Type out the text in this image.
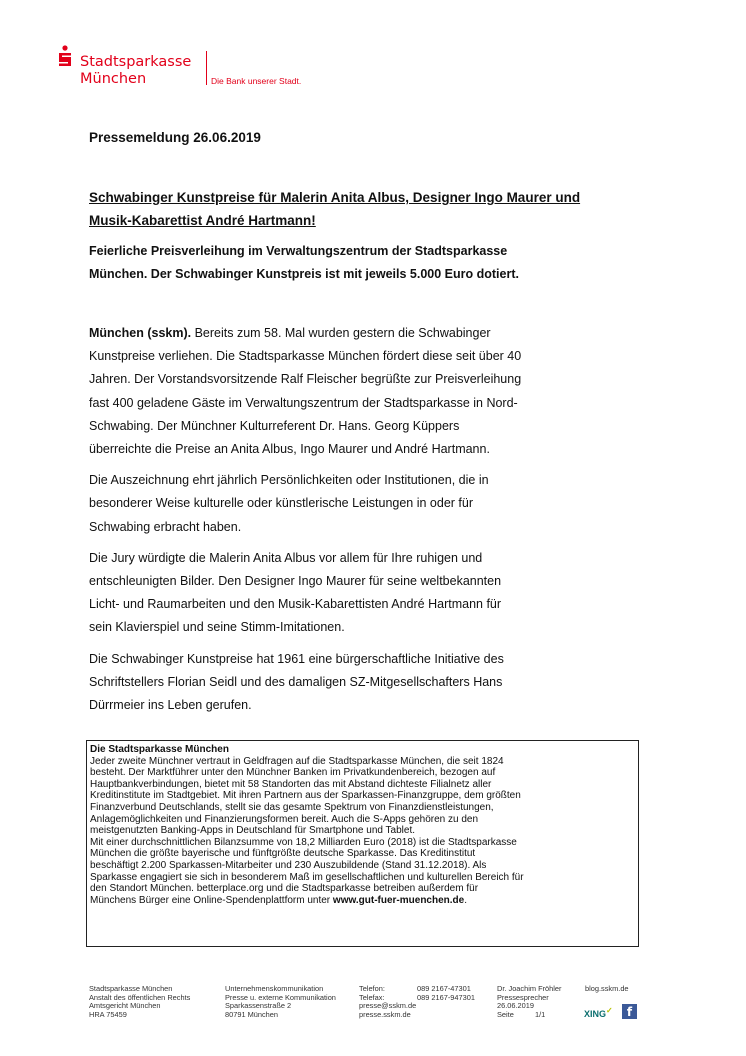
Stadtsparkasse
München	Die Bank unserer Stadt.
Pressemeldung 26.06.2019
Schwabinger Kunstpreise für Malerin Anita Albus, Designer Ingo Maurer und
Musik-Kabarettist André Hartmann!
Feierliche Preisverleihung im Verwaltungszentrum der Stadtsparkasse
München. Der Schwabinger Kunstpreis ist mit jeweils 5.000 Euro dotiert.

München (sskm). Bereits zum 58. Mal wurden gestern die Schwabinger
Kunstpreise verliehen. Die Stadtsparkasse München fördert diese seit über 40
Jahren. Der Vorstandsvorsitzende Ralf Fleischer begrüßte zur Preisverleihung
fast 400 geladene Gäste im Verwaltungszentrum der Stadtsparkasse in Nord-
Schwabing. Der Münchner Kulturreferent Dr. Hans. Georg Küppers
überreichte die Preise an Anita Albus, Ingo Maurer und André Hartmann.

Die Auszeichnung ehrt jährlich Persönlichkeiten oder Institutionen, die in
besonderer Weise kulturelle oder künstlerische Leistungen in oder für
Schwabing erbracht haben.

Die Jury würdigte die Malerin Anita Albus vor allem für Ihre ruhigen und
entschleunigten Bilder. Den Designer Ingo Maurer für seine weltbekannten
Licht- und Raumarbeiten und den Musik-Kabarettisten André Hartmann für
sein Klavierspiel und seine Stimm-Imitationen.

Die Schwabinger Kunstpreise hat 1961 eine bürgerschaftliche Initiative des
Schriftstellers Florian Seidl und des damaligen SZ-Mitgesellschafters Hans
Dürrmeier ins Leben gerufen.

Die Stadtsparkasse München

Jeder zweite Münchner vertraut in Geldfragen auf die Stadtsparkasse München, die seit 1824
besteht. Der Marktführer unter den Münchner Banken im Privatkundenbereich, bezogen auf
Hauptbankverbindungen, bietet mit 58 Standorten das mit Abstand dichteste Filialnetz aller
Kreditinstitute im Stadtgebiet. Mit ihren Partnern aus der Sparkassen-Finanzgruppe, dem größten
Finanzverbund Deutschlands, stellt sie das gesamte Spektrum von Finanzdienstleistungen,
Anlagemöglichkeiten und Finanzierungsformen bereit. Auch die S-Apps gehören zu den
meistgenutzten Banking-Apps in Deutschland für Smartphone und Tablet.

Mit einer durchschnittlichen Bilanzsumme von 18,2 Milliarden Euro (2018) ist die Stadtsparkasse
München die größte bayerische und fünftgrößte deutsche Sparkasse. Das Kreditinstitut
beschäftigt 2.200 Sparkassen-Mitarbeiter und 230 Auszubildende (Stand 31.12.2018). Als
Sparkasse engagiert sie sich in besonderem Maß im gesellschaftlichen und kulturellen Bereich für
den Standort München. betterplace.org und die Stadtsparkasse betreiben außerdem für
Münchens Bürger eine Online-Spendenplattform unter www.gut-fuer-muenchen.de.

Stadtsparkasse München
Anstalt des öffentlichen Rechts
Amtsgericht München
HRA 75459
Unternehmenskommunikation
Presse u. externe Kommunikation
Sparkassenstraße 2
80791 München
Telefon:	089 2167-47301
Telefax:	089 2167-947301
presse@sskm.de
presse.sskm.de
Dr. Joachim Fröhler
Pressesprecher
26.06.2019
Seite	1/1
blog.sskm.de
XING✓	f
